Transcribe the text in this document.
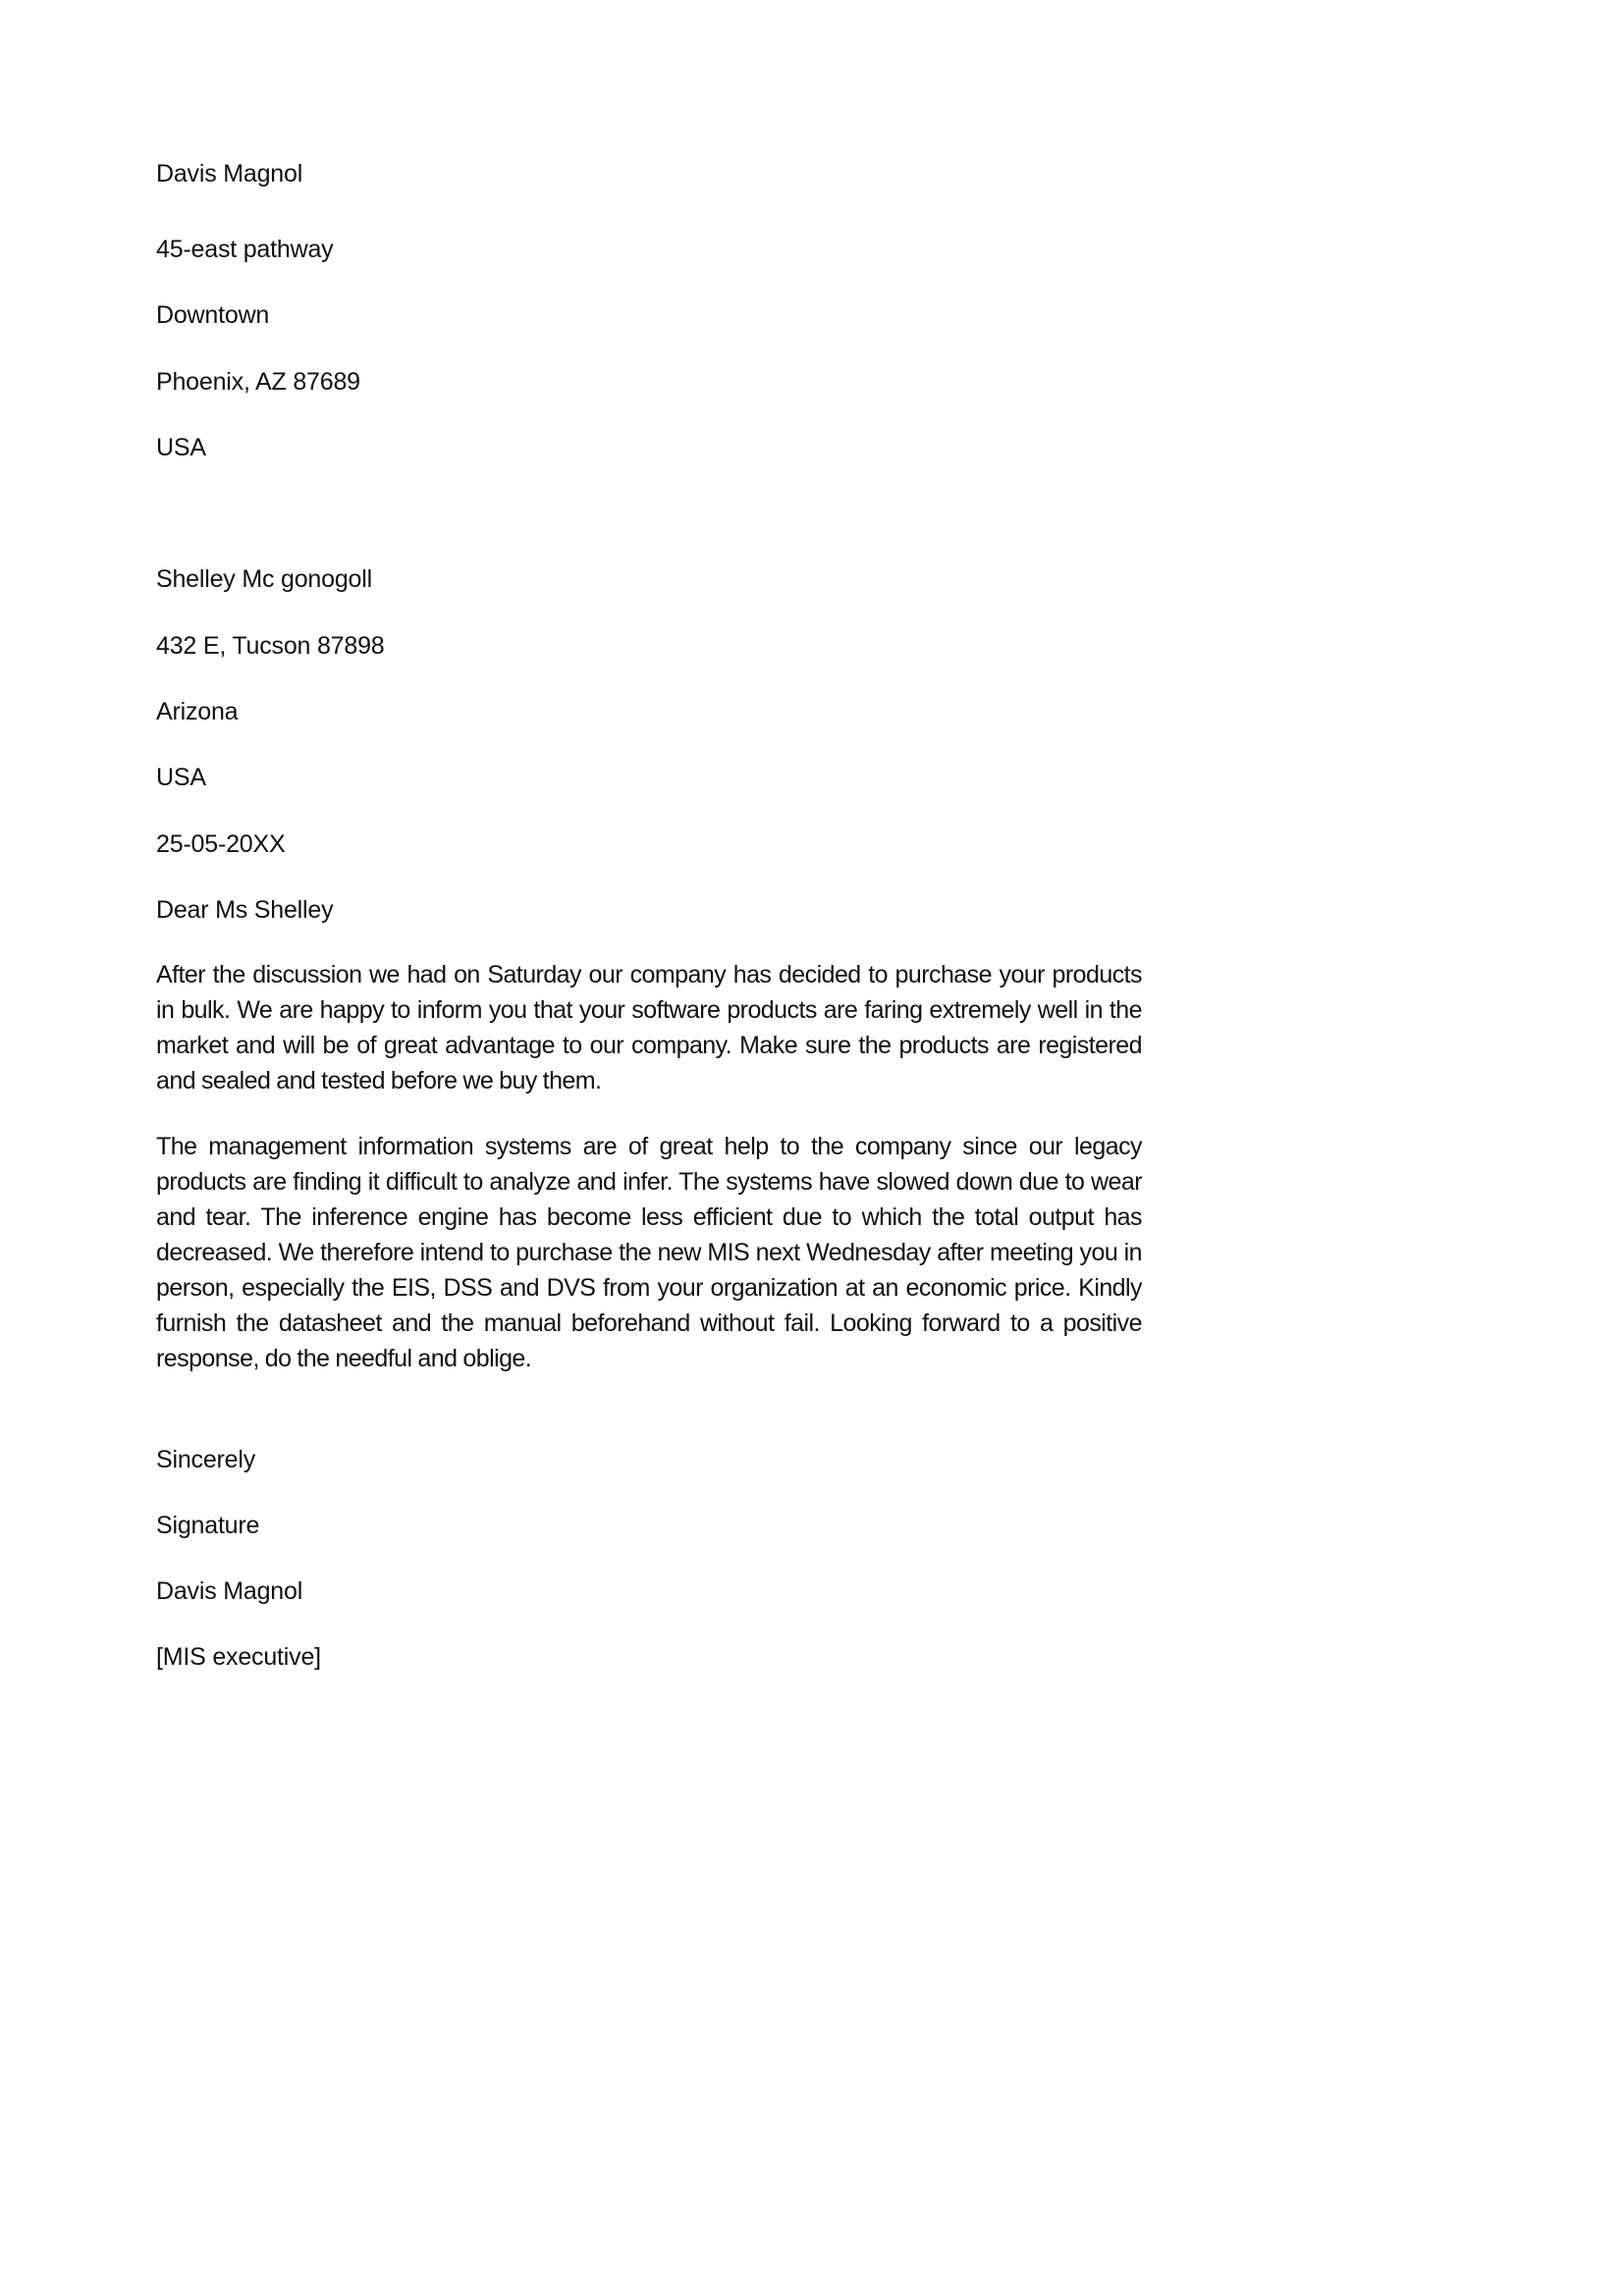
Davis Magnol
45-east pathway
Downtown
Phoenix, AZ 87689
USA
Shelley Mc gonogoll
432 E, Tucson 87898
Arizona
USA
25-05-20XX
Dear Ms Shelley
After the discussion we had on Saturday our company has decided to purchase your products in bulk. We are happy to inform you that your software products are faring extremely well in the market and will be of great advantage to our company. Make sure the products are registered and sealed and tested before we buy them.
The management information systems are of great help to the company since our legacy products are finding it difficult to analyze and infer. The systems have slowed down due to wear and tear. The inference engine has become less efficient due to which the total output has decreased. We therefore intend to purchase the new MIS next Wednesday after meeting you in person, especially the EIS, DSS and DVS from your organization at an economic price. Kindly furnish the datasheet and the manual beforehand without fail. Looking forward to a positive response, do the needful and oblige.
Sincerely
Signature
Davis Magnol
[MIS executive]
